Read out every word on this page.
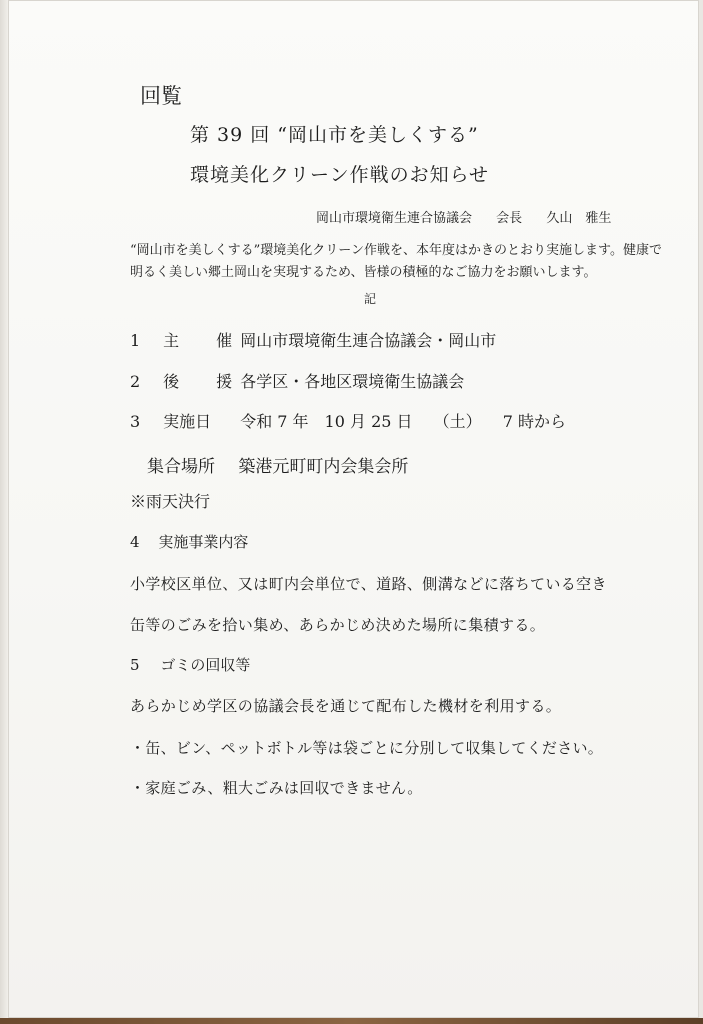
回覧
第 39 回 “岡山市を美しくする”
環境美化クリーン作戦のお知らせ
岡山市環境衛生連合協議会 会長 久山　雅生
“岡山市を美しくする”環境美化クリーン作戦を、本年度はかきのとおり実施します。健康で
明るく美しい郷土岡山を実現するため、皆様の積極的なご協力をお願いします。
記
1 主 催 岡山市環境衛生連合協議会・岡山市
2 後 援 各学区・各地区環境衛生協議会
3 実施日 令和 7 年　10 月 25 日 （土） 7 時から
集合場所 築港元町町内会集会所
※雨天決行
4 実施事業内容
小学校区単位、又は町内会単位で、道路、側溝などに落ちている空き
缶等のごみを拾い集め、あらかじめ決めた場所に集積する。
5 ゴミの回収等
あらかじめ学区の協議会長を通じて配布した機材を利用する。
・缶、ビン、ペットボトル等は袋ごとに分別して収集してください。
・家庭ごみ、粗大ごみは回収できません。
